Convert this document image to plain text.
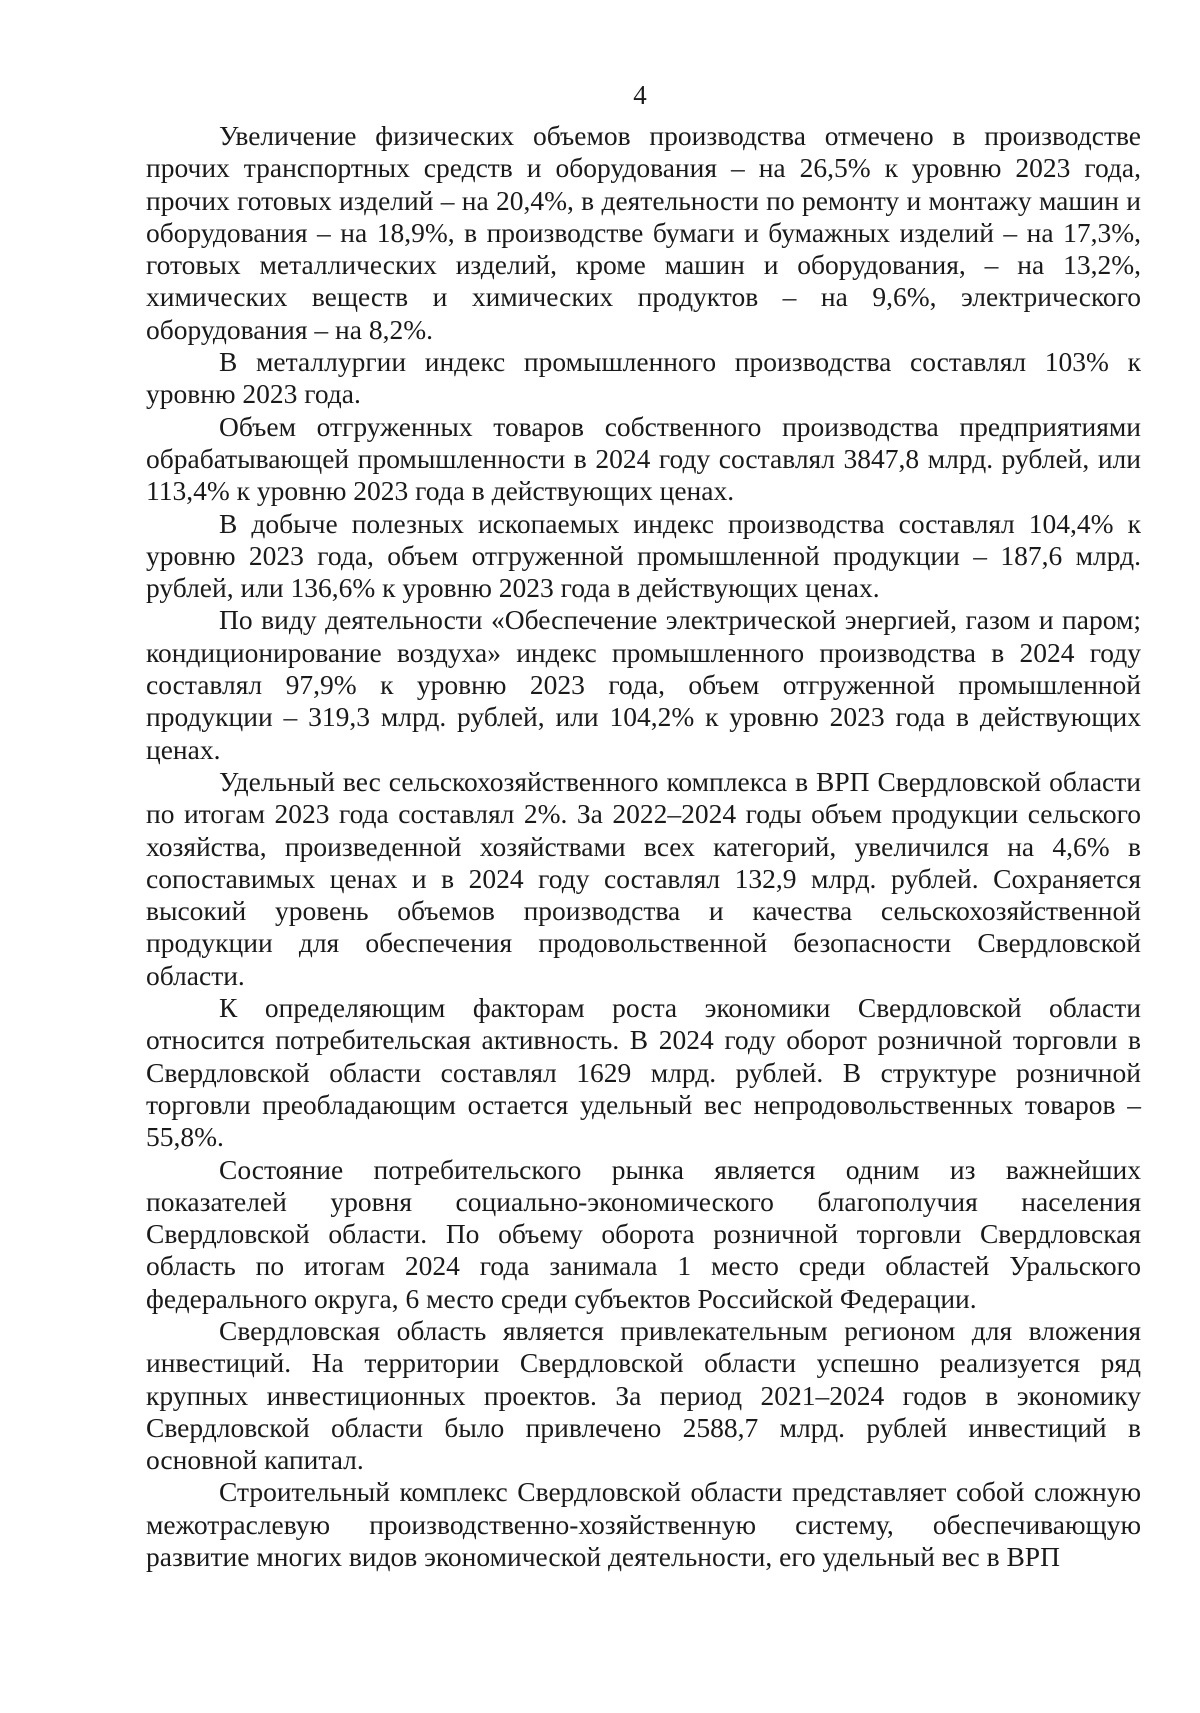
4

Увеличение физических объемов производства отмечено в производстве прочих транспортных средств и оборудования – на 26,5% к уровню 2023 года, прочих готовых изделий – на 20,4%, в деятельности по ремонту и монтажу машин и оборудования – на 18,9%, в производстве бумаги и бумажных изделий – на 17,3%, готовых металлических изделий, кроме машин и оборудования, – на 13,2%, химических веществ и химических продуктов – на 9,6%, электрического оборудования – на 8,2%.

В металлургии индекс промышленного производства составлял 103% к уровню 2023 года.

Объем отгруженных товаров собственного производства предприятиями обрабатывающей промышленности в 2024 году составлял 3847,8 млрд. рублей, или 113,4% к уровню 2023 года в действующих ценах.

В добыче полезных ископаемых индекс производства составлял 104,4% к уровню 2023 года, объем отгруженной промышленной продукции – 187,6 млрд. рублей, или 136,6% к уровню 2023 года в действующих ценах.

По виду деятельности «Обеспечение электрической энергией, газом и паром; кондиционирование воздуха» индекс промышленного производства в 2024 году составлял 97,9% к уровню 2023 года, объем отгруженной промышленной продукции – 319,3 млрд. рублей, или 104,2% к уровню 2023 года в действующих ценах.

Удельный вес сельскохозяйственного комплекса в ВРП Свердловской области по итогам 2023 года составлял 2%. За 2022–2024 годы объем продукции сельского хозяйства, произведенной хозяйствами всех категорий, увеличился на 4,6% в сопоставимых ценах и в 2024 году составлял 132,9 млрд. рублей. Сохраняется высокий уровень объемов производства и качества сельскохозяйственной продукции для обеспечения продовольственной безопасности Свердловской области.

К определяющим факторам роста экономики Свердловской области относится потребительская активность. В 2024 году оборот розничной торговли в Свердловской области составлял 1629 млрд. рублей. В структуре розничной торговли преобладающим остается удельный вес непродовольственных товаров – 55,8%.

Состояние потребительского рынка является одним из важнейших показателей уровня социально-экономического благополучия населения Свердловской области. По объему оборота розничной торговли Свердловская область по итогам 2024 года занимала 1 место среди областей Уральского федерального округа, 6 место среди субъектов Российской Федерации.

Свердловская область является привлекательным регионом для вложения инвестиций. На территории Свердловской области успешно реализуется ряд крупных инвестиционных проектов. За период 2021–2024 годов в экономику Свердловской области было привлечено 2588,7 млрд. рублей инвестиций в основной капитал.

Строительный комплекс Свердловской области представляет собой сложную межотраслевую производственно-хозяйственную систему, обеспечивающую развитие многих видов экономической деятельности, его удельный вес в ВРП
